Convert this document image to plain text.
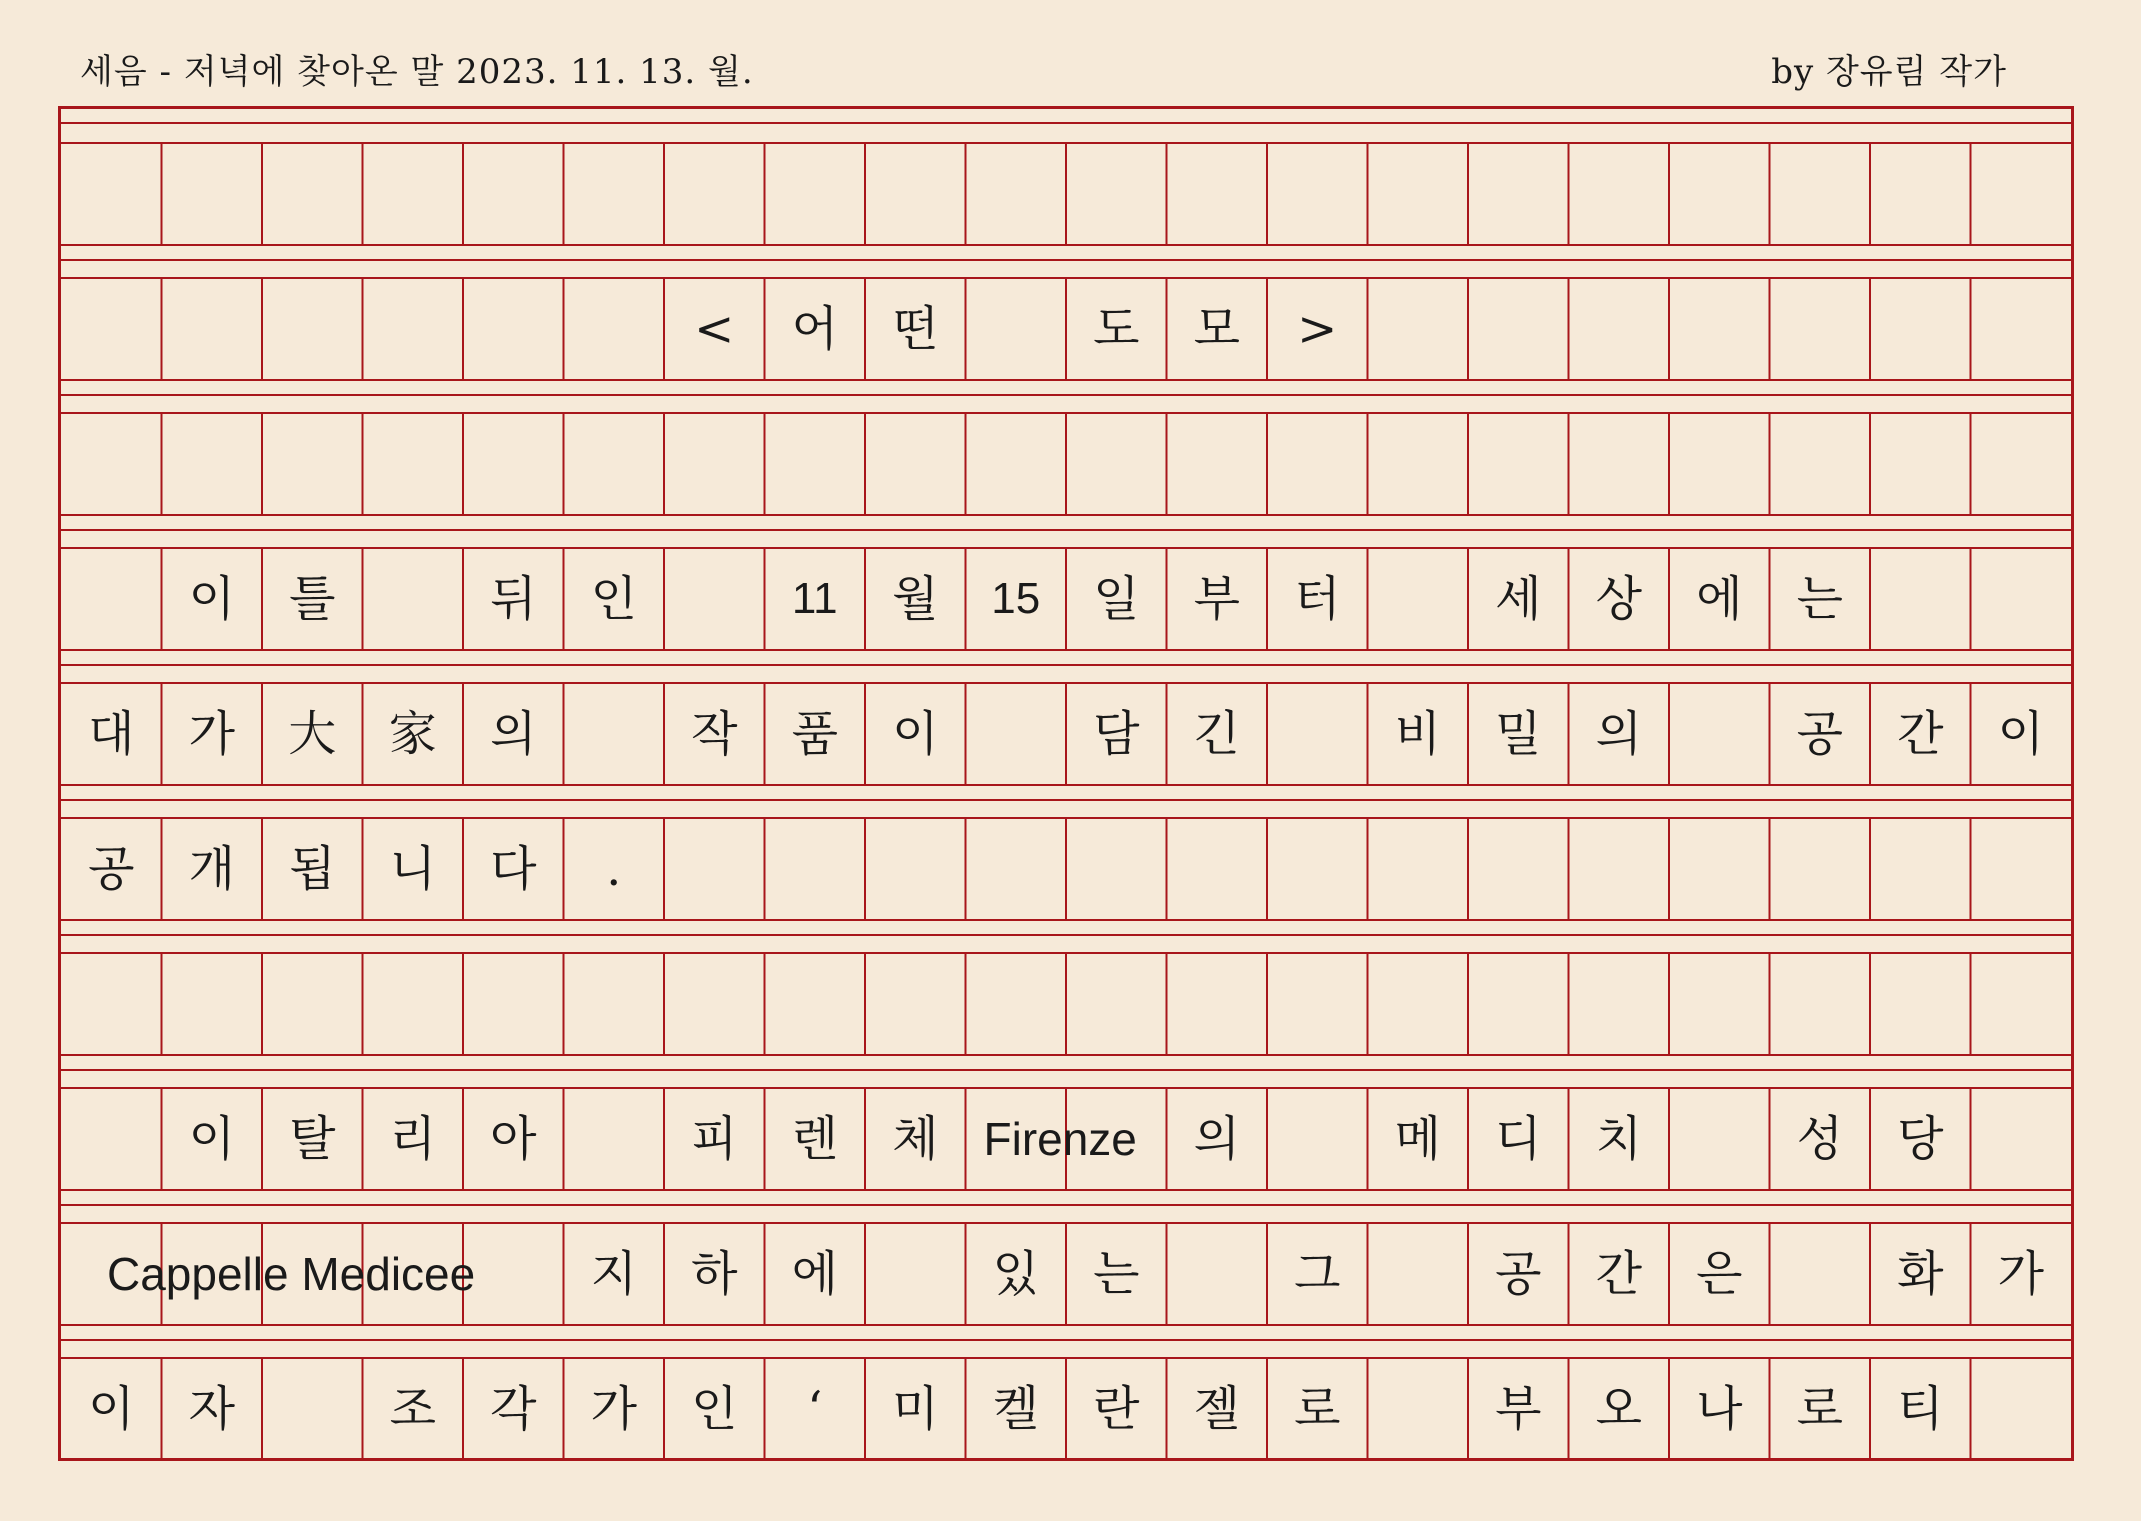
세음 - 저녁에 찾아온 말 2023. 11. 13. 월.	by 장유림 작가
<	어	떤	도	모	>
이	틀	뒤	인	11	월	15	일	부	터	세	상	에	는
대	가	大	家	의	작	품	이	담	긴	비	밀	의	공	간	이
공	개	됩	니	다	.
이	탈	리	아	피	렌	체 Firenze	의	메	디	치	성	당
Cappelle Medicee	지	하	에	있	는	그	공	간	은	화	가
이	자	조	각	가	인	‘	미	켈	란	젤	로	부	오	나	로	티
